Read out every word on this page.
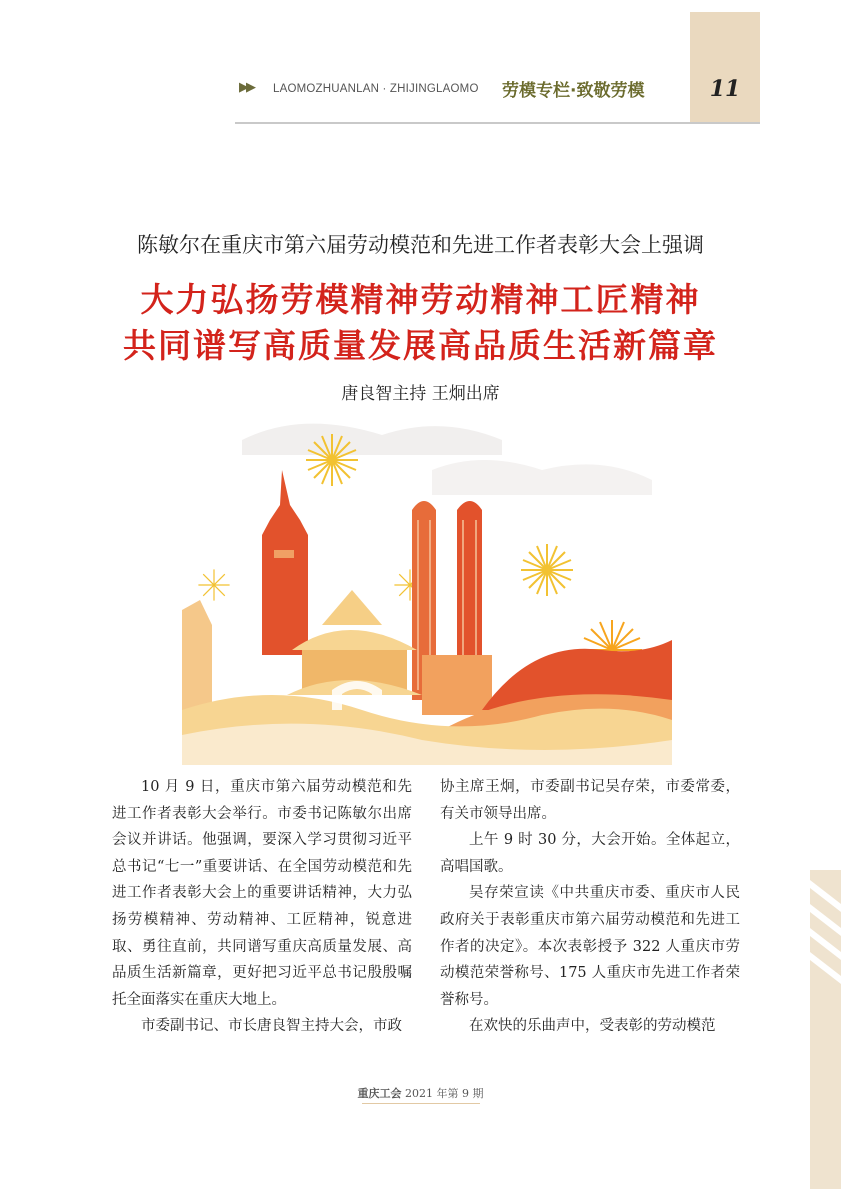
▶▶ LAOMOZHUANLAN · ZHIJINGLAOMO 劳模专栏·致敬劳模	11
陈敏尔在重庆市第六届劳动模范和先进工作者表彰大会上强调
大力弘扬劳模精神劳动精神工匠精神
共同谱写高质量发展高品质生活新篇章
唐良智主持 王炯出席

10 月 9 日，重庆市第六届劳动模范和先进工作者表彰大会举行。市委书记陈敏尔出席会议并讲话。他强调，要深入学习贯彻习近平总书记“七一”重要讲话、在全国劳动模范和先进工作者表彰大会上的重要讲话精神，大力弘扬劳模精神、劳动精神、工匠精神，锐意进取、勇往直前，共同谱写重庆高质量发展、高品质生活新篇章，更好把习近平总书记殷殷嘱托全面落实在重庆大地上。

市委副书记、市长唐良智主持大会，市政

协主席王炯，市委副书记吴存荣，市委常委，有关市领导出席。

上午 9 时 30 分，大会开始。全体起立，高唱国歌。

吴存荣宣读《中共重庆市委、重庆市人民政府关于表彰重庆市第六届劳动模范和先进工作者的决定》。本次表彰授予 322 人重庆市劳动模范荣誉称号、175 人重庆市先进工作者荣誉称号。

在欢快的乐曲声中，受表彰的劳动模范

重庆工会 2021 年第 9 期
